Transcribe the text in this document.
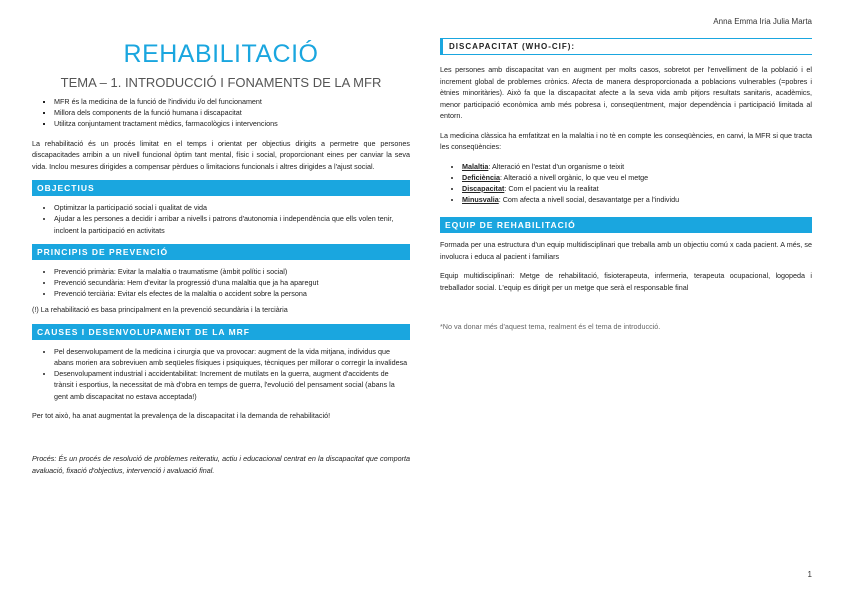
Anna Emma Iria Julia Marta
REHABILITACIÓ
TEMA – 1. INTRODUCCIÓ I FONAMENTS DE LA MFR
▪ MFR és la medicina de la funció de l'individu i/o del funcionament
▪ Millora dels components de la funció humana i discapacitat
▪ Utilitza conjuntament tractament mèdics, farmacològics i intervencions

La rehabilitació és un procés limitat en el temps i orientat per objectius dirigits a permetre que persones discapacitades arribin a un nivell funcional òptim tant mental, físic i social, proporcionant eines per canviar la seva vida. Inclou mesures dirigides a compensar pèrdues o limitacions funcionals i altres dirigides a l'ajust social.

OBJECTIUS
• Optimitzar la participació social i qualitat de vida
• Ajudar a les persones a decidir i arribar a nivells i patrons d'autonomia i independència que ells volen tenir, incloent la participació en activitats
PRINCIPIS DE PREVENCIÓ
• Prevenció primària: Evitar la malaltia o traumatisme (àmbit polític i social)
• Prevenció secundària: Hem d'evitar la progressió d'una malaltia que ja ha aparegut
• Prevenció terciària: Evitar els efectes de la malaltia o accident sobre la persona

(!) La rehabilitació es basa principalment en la prevenció secundària i la terciària

CAUSES I DESENVOLUPAMENT DE LA MRF
• Pel desenvolupament de la medicina i cirurgia que va provocar: augment de la vida mitjana, individus que abans morien ara sobreviuen amb seqüeles físiques i psiquiques, tècniques per millorar o corregir la invalidesa
• Desenvolupament industrial i accidentabilitat: Increment de mutilats en la guerra, augment d'accidents de trànsit i esportius, la necessitat de mà d'obra en temps de guerra, l'evolució del pensament social (abans la gent amb discapacitat no estava acceptada!)

Per tot això, ha anat augmentat la prevalença de la discapacitat i la demanda de rehabilitació!

Procés: És un procés de resolució de problemes reiteratiu, actiu i educacional centrat en la discapacitat que comporta avaluació, fixació d'objectius, intervenció i avaluació final.

DISCAPACITAT (WHO-CIF):

Les persones amb discapacitat van en augment per molts casos, sobretot per l'envelliment de la població i el increment global de problemes crònics. Afecta de manera desproporcionada a poblacions vulnerables (=pobres i ètnies minoritàries). Això fa que la discapacitat afecte a la seva vida amb pitjors resultats sanitaris, acadèmics, menor participació econòmica amb més pobresa i, conseqüentment, major dependència i participació limitada al entorn.

La medicina clàssica ha emfatitzat en la malaltia i no tè en compte les conseqüències, en canvi, la MFR si que tracta les conseqüències:

• Malaltia: Alteració en l'estat d'un organisme o teixit
• Deficiència: Alteració a nivell orgànic, lo que veu el metge
• Discapacitat: Com el pacient viu la realitat
• Minusvalia: Com afecta a nivell social, desavantatge per a l'individu
EQUIP DE REHABILITACIÓ

Formada per una estructura d'un equip multidisciplinari que treballa amb un objectiu comú x cada pacient. A més, se involucra i educa al pacient i familiars

Equip multidisciplinari: Metge de rehabilitació, fisioterapeuta, infermeria, terapeuta ocupacional, logopeda i treballador social. L'equip es dirigit per un metge que serà el responsable final

*No va donar més d'aquest tema, realment és el tema de introducció.

1
